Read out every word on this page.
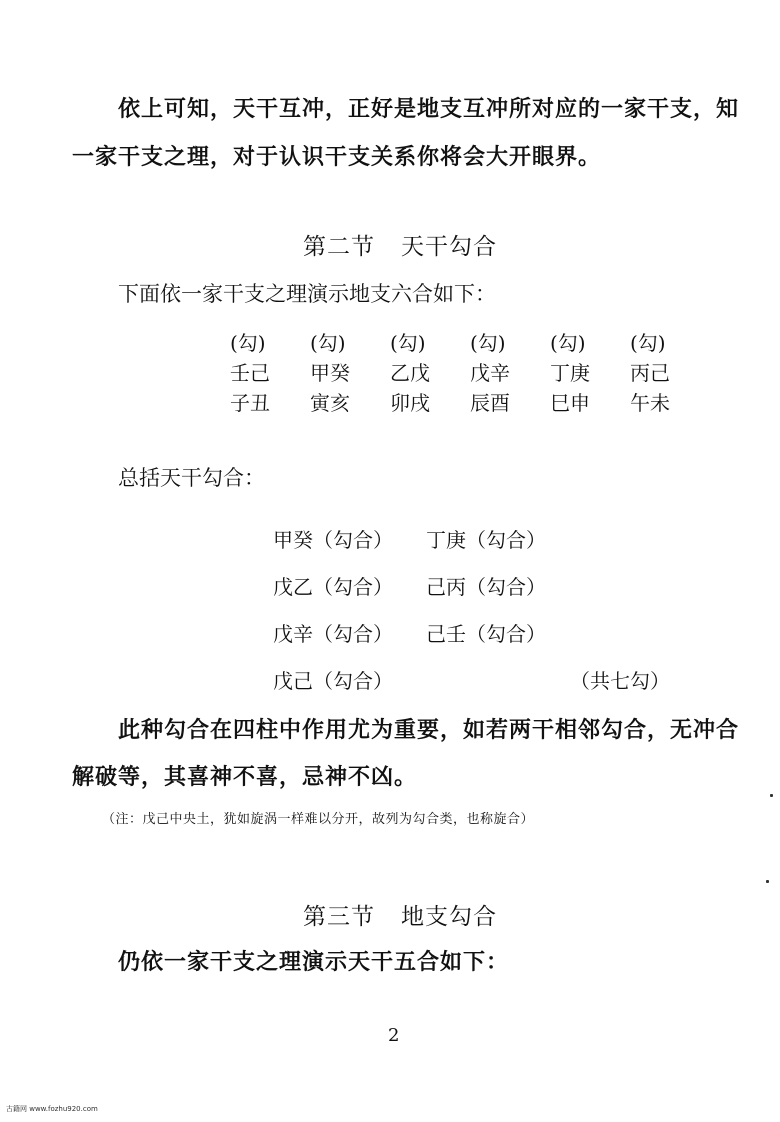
依上可知，天干互冲，正好是地支互冲所对应的一家干支，知
一家干支之理，对于认识干支关系你将会大开眼界。
第二节 天干勾合
下面依一家干支之理演示地支六合如下：
(勾)	(勾)	(勾)	(勾)	(勾)	(勾)
壬己	甲癸	乙戊	戊辛	丁庚	丙己
子丑	寅亥	卯戌	辰酉	巳申	午未
总括天干勾合：
甲癸（勾合） 丁庚（勾合）
戊乙（勾合） 己丙（勾合）
戊辛（勾合） 己壬（勾合）
戊己（勾合）	（共七勾）
此种勾合在四柱中作用尤为重要，如若两干相邻勾合，无冲合
解破等，其喜神不喜，忌神不凶。
（注：戊己中央土，犹如旋涡一样难以分开，故列为勾合类，也称旋合）
第三节 地支勾合
仍依一家干支之理演示天干五合如下：
2
古籍网 www.fozhu920.com
